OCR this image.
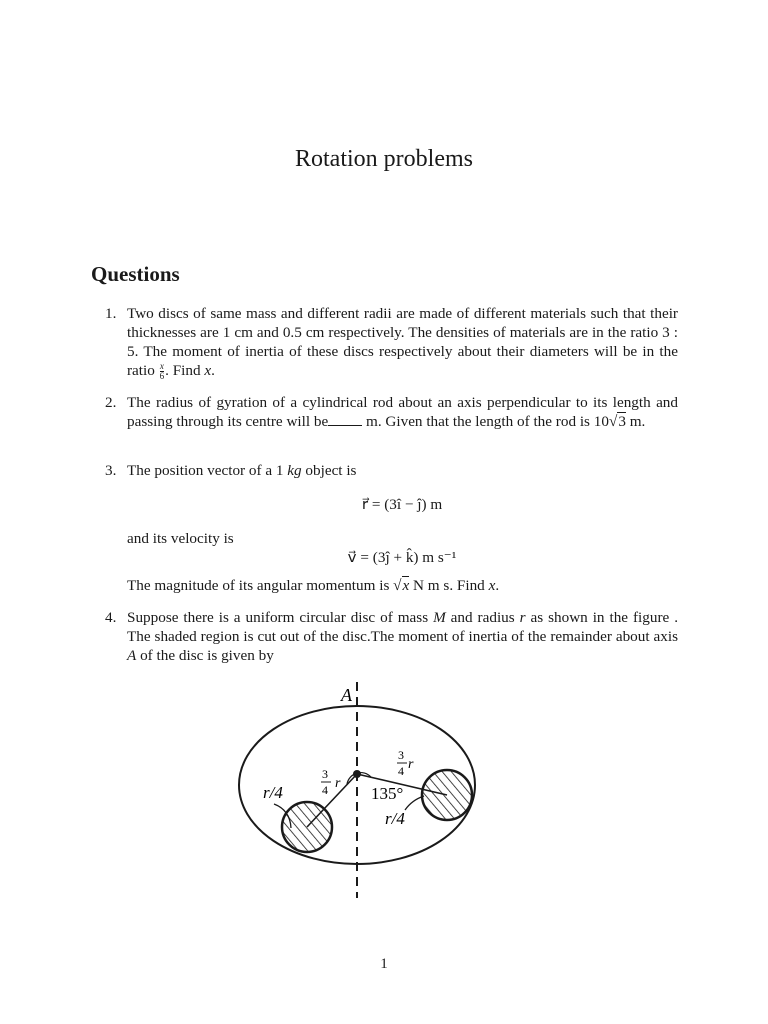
Rotation problems
Questions
1. Two discs of same mass and different radii are made of different materials such that their thicknesses are 1 cm and 0.5 cm respectively. The densities of materials are in the ratio 3 : 5. The moment of inertia of these discs respectively about their diameters will be in the ratio $\frac{x}{6}$ . Find x.
2. The radius of gyration of a cylindrical rod about an axis perpendicular to its length and passing through its centre will be m. Given that the length of the rod is 10√3 m.
3. The position vector of a 1 kg object is
r⃗ = (3î − ĵ) m
and its velocity is
v⃗ = (3ĵ + k̂) m s⁻¹
The magnitude of its angular momentum is √x N m s. Find x.
4. Suppose there is a uniform circular disc of mass M and radius r as shown in the figure . The shaded region is cut out of the disc.The moment of inertia of the remainder about axis A of the disc is given by
A
r/4
3
4 r
3
4 r
135°
r/4
1
